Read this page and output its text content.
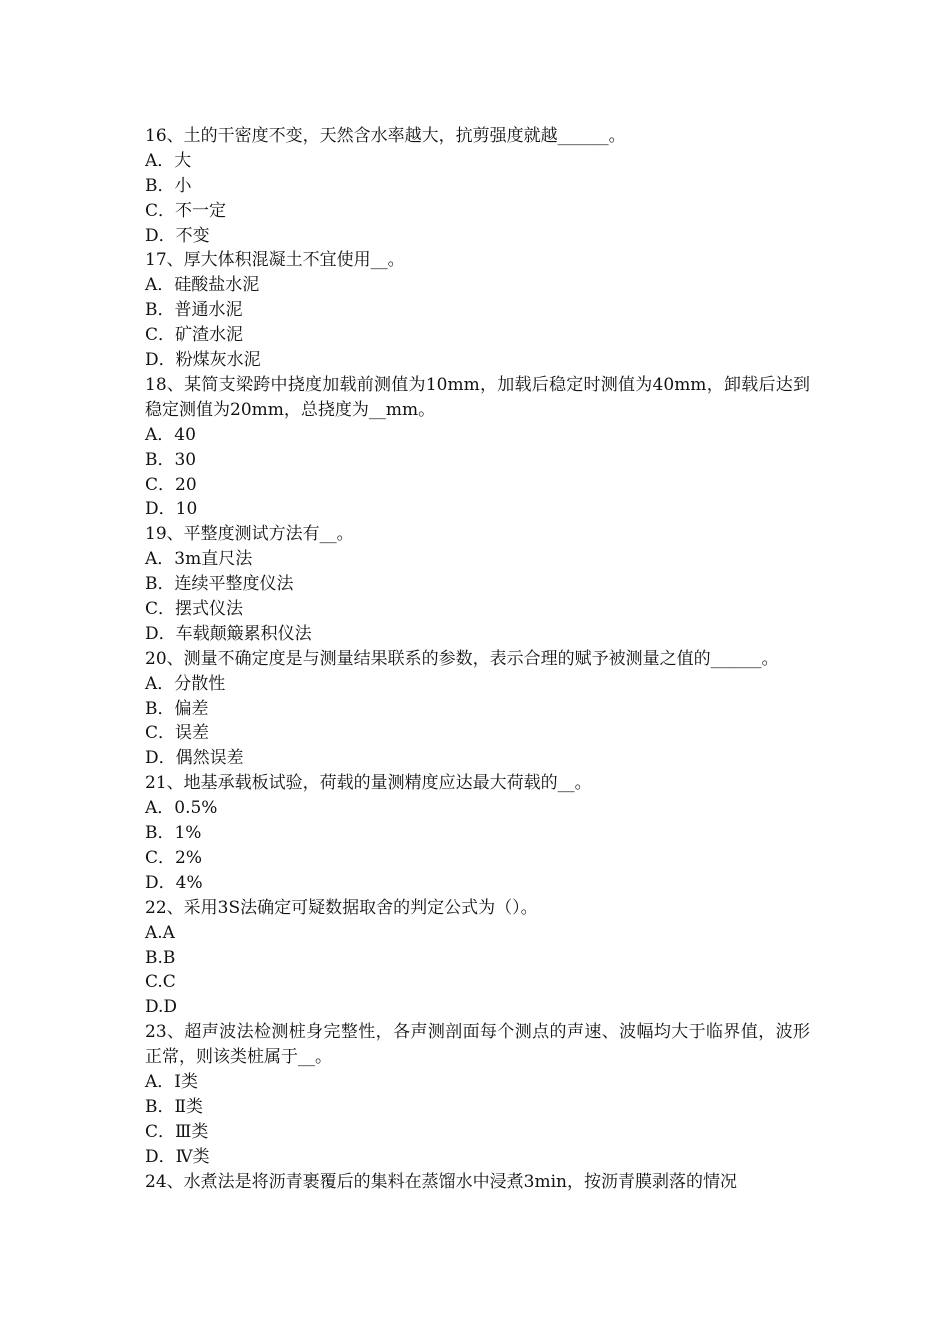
16、土的干密度不变，天然含水率越大，抗剪强度就越______。

A．大

B．小

C．不一定

D．不变

17、厚大体积混凝土不宜使用__。

A．硅酸盐水泥

B．普通水泥

C．矿渣水泥

D．粉煤灰水泥

18、某简支梁跨中挠度加载前测值为10mm，加载后稳定时测值为40mm，卸载后达到稳定测值为20mm，总挠度为__mm。

A．40

B．30

C．20

D．10

19、平整度测试方法有__。

A．3m直尺法

B．连续平整度仪法

C．摆式仪法

D．车载颠簸累积仪法

20、测量不确定度是与测量结果联系的参数，表示合理的赋予被测量之值的______。

A．分散性

B．偏差

C．误差

D．偶然误差

21、地基承载板试验，荷载的量测精度应达最大荷载的__。

A．0.5%

B．1%

C．2%

D．4%

22、采用3S法确定可疑数据取舍的判定公式为（）。

A.A

B.B

C.C

D.D

23、超声波法检测桩身完整性，各声测剖面每个测点的声速、波幅均大于临界值，波形正常，则该类桩属于__。

A．Ⅰ类

B．Ⅱ类

C．Ⅲ类

D．Ⅳ类

24、水煮法是将沥青裹覆后的集料在蒸馏水中浸煮3min，按沥青膜剥落的情况
